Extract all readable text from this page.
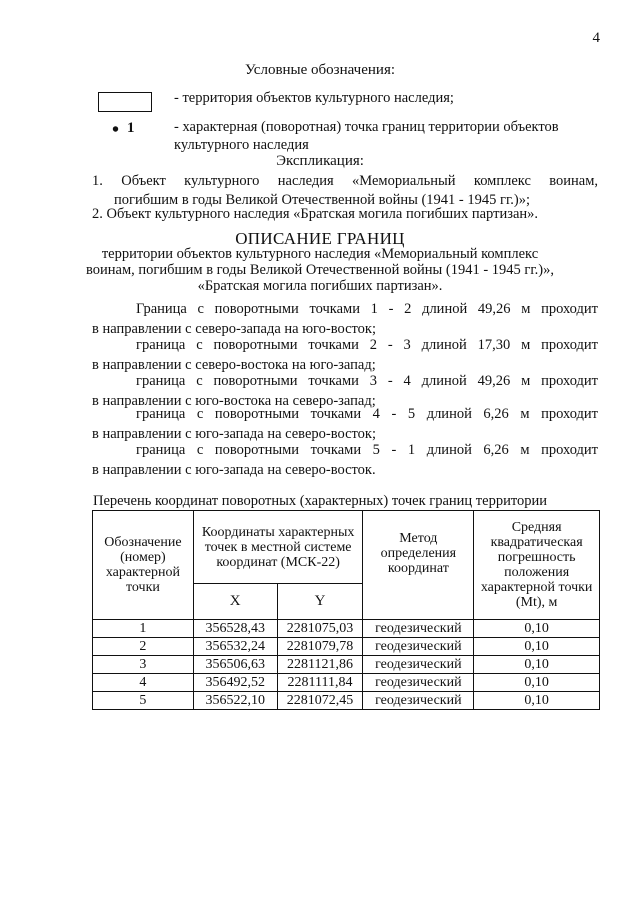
4
Условные обозначения:
- территория объектов культурного наследия;
• 1	- характерная (поворотная) точка границ территории объектов культурного наследия
Экспликация:
1. Объект культурного наследия «Мемориальный комплекс воинам,
погибшим в годы Великой Отечественной войны (1941 - 1945 гг.)»;
2. Объект культурного наследия «Братская могила погибших партизан».
ОПИСАНИЕ ГРАНИЦ
территории объектов культурного наследия «Мемориальный комплекс
воинам, погибшим в годы Великой Отечественной войны (1941 - 1945 гг.)»,
«Братская могила погибших партизан».
Граница с поворотными точками 1 - 2 длиной 49,26 м проходит
в направлении с северо-запада на юго-восток;
граница с поворотными точками 2 - 3 длиной 17,30 м проходит
в направлении с северо-востока на юго-запад;
граница с поворотными точками 3 - 4 длиной 49,26 м проходит
в направлении с юго-востока на северо-запад;
граница с поворотными точками 4 - 5 длиной 6,26 м проходит
в направлении с юго-запада на северо-восток;
граница с поворотными точками 5 - 1 длиной 6,26 м проходит
в направлении с юго-запада на северо-восток.
Перечень координат поворотных (характерных) точек границ территории
Обозначение (номер) характерной точки	Координаты характерных точек в местной системе координат (МСК-22)		Метод определения координат	Средняя квадратическая погрешность положения характерной точки (Mt), м
	X	Y		
1	356528,43	2281075,03	геодезический	0,10
2	356532,24	2281079,78	геодезический	0,10
3	356506,63	2281121,86	геодезический	0,10
4	356492,52	2281111,84	геодезический	0,10
5	356522,10	2281072,45	геодезический	0,10
